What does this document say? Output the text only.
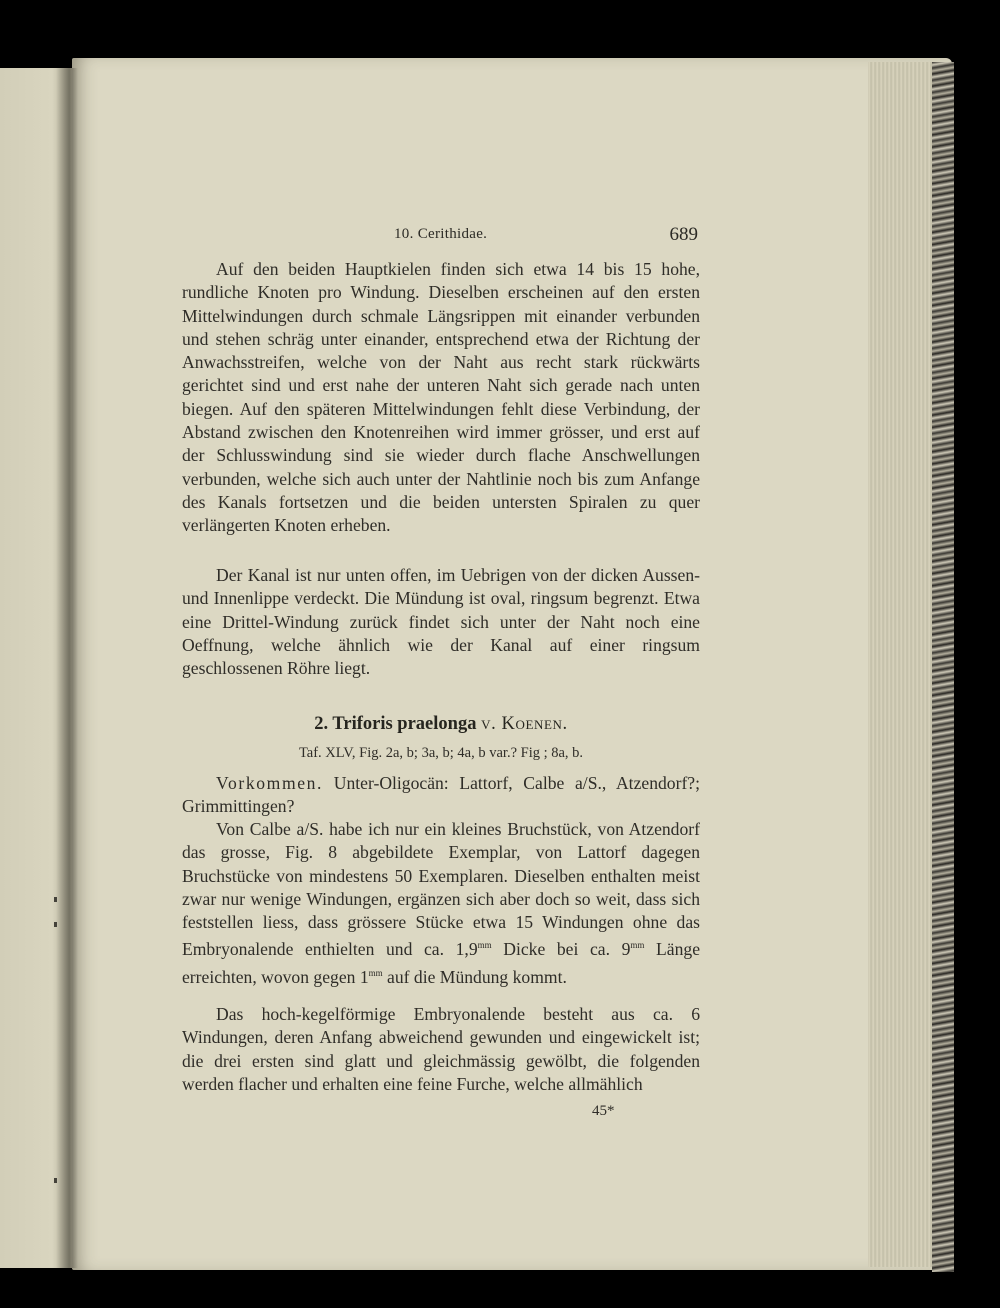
10. Cerithidae.	689

Auf den beiden Hauptkielen finden sich etwa 14 bis 15 hohe, rundliche Knoten pro Windung. Dieselben erscheinen auf den ersten Mittelwindungen durch schmale Längsrippen mit einander verbunden und stehen schräg unter einander, entsprechend etwa der Richtung der Anwachsstreifen, welche von der Naht aus recht stark rückwärts gerichtet sind und erst nahe der unteren Naht sich gerade nach unten biegen. Auf den späteren Mittelwindungen fehlt diese Verbindung, der Abstand zwischen den Knotenreihen wird immer grösser, und erst auf der Schlusswindung sind sie wieder durch flache Anschwellungen verbunden, welche sich auch unter der Nahtlinie noch bis zum Anfange des Kanals fortsetzen und die beiden untersten Spiralen zu quer verlängerten Knoten erheben.

Der Kanal ist nur unten offen, im Uebrigen von der dicken Aussen- und Innenlippe verdeckt. Die Mündung ist oval, ringsum begrenzt. Etwa eine Drittel-Windung zurück findet sich unter der Naht noch eine Oeffnung, welche ähnlich wie der Kanal auf einer ringsum geschlossenen Röhre liegt.

2. Triforis praelonga v. Koenen.
Taf. XLV, Fig. 2a, b; 3a, b; 4a, b var.? Fig ; 8a, b.

Vorkommen. Unter-Oligocän: Lattorf, Calbe a/S., Atzendorf?; Grimmittingen?

Von Calbe a/S. habe ich nur ein kleines Bruchstück, von Atzendorf das grosse, Fig. 8 abgebildete Exemplar, von Lattorf dagegen Bruchstücke von mindestens 50 Exemplaren. Dieselben enthalten meist zwar nur wenige Windungen, ergänzen sich aber doch so weit, dass sich feststellen liess, dass grössere Stücke etwa 15 Windungen ohne das Embryonalende enthielten und ca. $1,9^{mm}$ Dicke bei ca. $9^{mm}$ Länge erreichten, wovon gegen $1^{mm}$ auf die Mündung kommt.

Das hoch-kegelförmige Embryonalende besteht aus ca. 6 Windungen, deren Anfang abweichend gewunden und eingewickelt ist; die drei ersten sind glatt und gleichmässig gewölbt, die folgenden werden flacher und erhalten eine feine Furche, welche allmählich

45*
